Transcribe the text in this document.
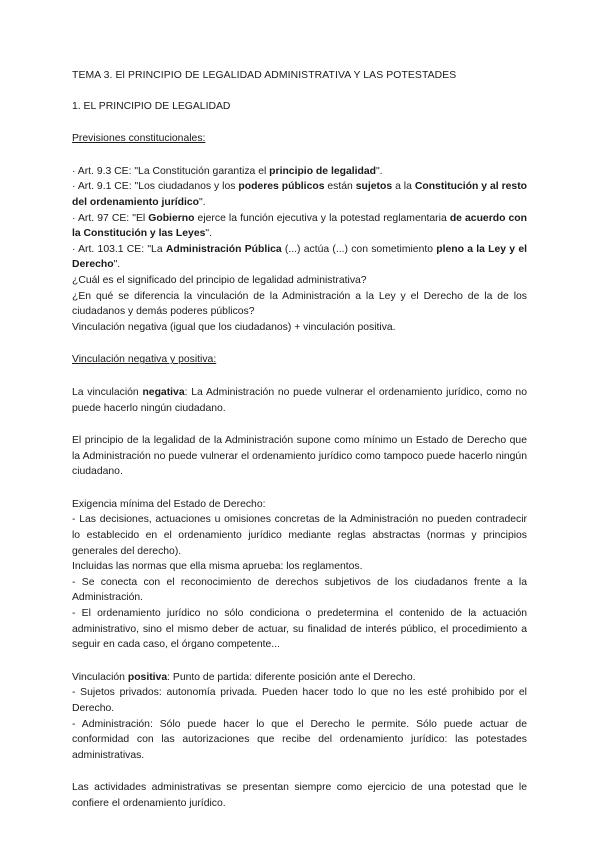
TEMA 3. El PRINCIPIO DE LEGALIDAD ADMINISTRATIVA Y LAS POTESTADES

1. EL PRINCIPIO DE LEGALIDAD

Previsiones constitucionales:

· Art. 9.3 CE: "La Constitución garantiza el principio de legalidad".

· Art. 9.1 CE: "Los ciudadanos y los poderes públicos están sujetos a la Constitución y al resto del ordenamiento jurídico".

· Art. 97 CE: "El Gobierno ejerce la función ejecutiva y la potestad reglamentaria de acuerdo con la Constitución y las Leyes".

· Art. 103.1 CE: "La Administración Pública (...) actúa (...) con sometimiento pleno a la Ley y el Derecho".

¿Cuál es el significado del principio de legalidad administrativa?

¿En qué se diferencia la vinculación de la Administración a la Ley y el Derecho de la de los ciudadanos y demás poderes públicos?

Vinculación negativa (igual que los ciudadanos) + vinculación positiva.

Vinculación negativa y positiva:

La vinculación negativa: La Administración no puede vulnerar el ordenamiento jurídico, como no puede hacerlo ningún ciudadano.

El principio de la legalidad de la Administración supone como mínimo un Estado de Derecho que la Administración no puede vulnerar el ordenamiento jurídico como tampoco puede hacerlo ningún ciudadano.

Exigencia mínima del Estado de Derecho:

- Las decisiones, actuaciones u omisiones concretas de la Administración no pueden contradecir lo establecido en el ordenamiento jurídico mediante reglas abstractas (normas y principios generales del derecho).

Incluidas las normas que ella misma aprueba: los reglamentos.

- Se conecta con el reconocimiento de derechos subjetivos de los ciudadanos frente a la Administración.

- El ordenamiento jurídico no sólo condiciona o predetermina el contenido de la actuación administrativo, sino el mismo deber de actuar, su finalidad de interés público, el procedimiento a seguir en cada caso, el órgano competente...

Vinculación positiva: Punto de partida: diferente posición ante el Derecho.

- Sujetos privados: autonomía privada. Pueden hacer todo lo que no les esté prohibido por el Derecho.

- Administración: Sólo puede hacer lo que el Derecho le permite. Sólo puede actuar de conformidad con las autorizaciones que recibe del ordenamiento jurídico: las potestades administrativas.

Las actividades administrativas se presentan siempre como ejercicio de una potestad que le confiere el ordenamiento jurídico.
